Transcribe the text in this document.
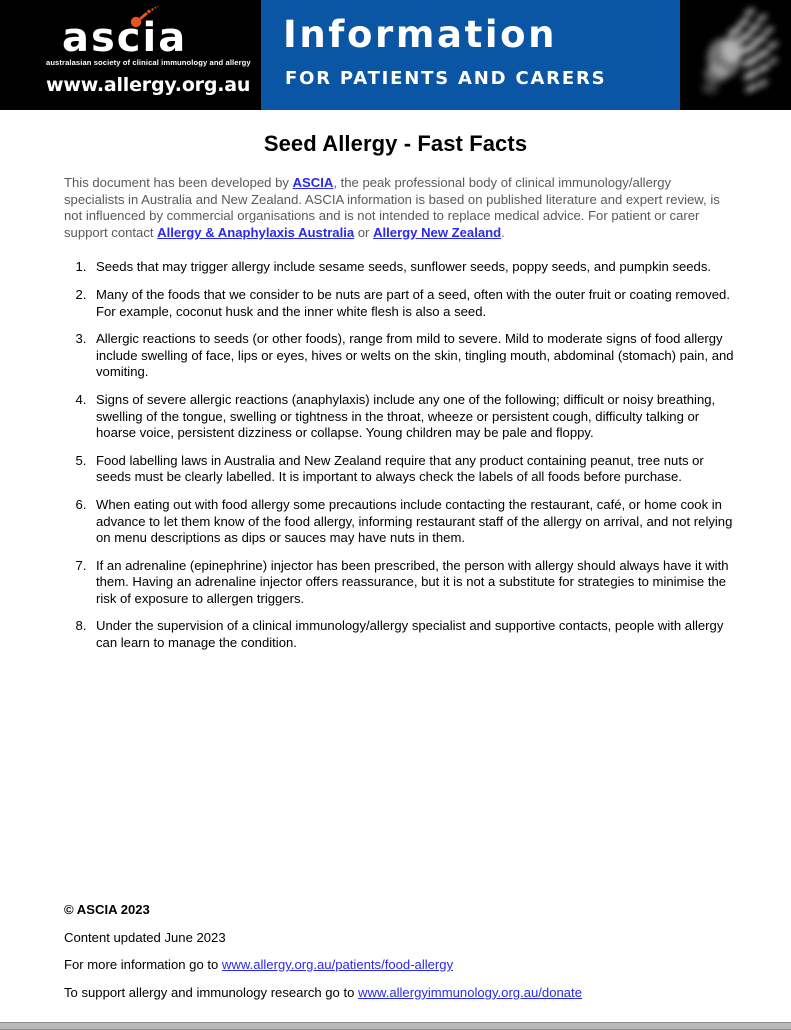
ascia
australasian society of clinical immunology and allergy
www.allergy.org.au
Information
FOR PATIENTS AND CARERS
Seed Allergy - Fast Facts

This document has been developed by ASCIA, the peak professional body of clinical immunology/allergy specialists in Australia and New Zealand. ASCIA information is based on published literature and expert review, is not influenced by commercial organisations and is not intended to replace medical advice. For patient or carer support contact Allergy & Anaphylaxis Australia or Allergy New Zealand.

1. Seeds that may trigger allergy include sesame seeds, sunflower seeds, poppy seeds, and pumpkin seeds.
2. Many of the foods that we consider to be nuts are part of a seed, often with the outer fruit or coating removed. For example, coconut husk and the inner white flesh is also a seed.
3. Allergic reactions to seeds (or other foods), range from mild to severe. Mild to moderate signs of food allergy include swelling of face, lips or eyes, hives or welts on the skin, tingling mouth, abdominal (stomach) pain, and vomiting.
4. Signs of severe allergic reactions (anaphylaxis) include any one of the following; difficult or noisy breathing, swelling of the tongue, swelling or tightness in the throat, wheeze or persistent cough, difficulty talking or hoarse voice, persistent dizziness or collapse. Young children may be pale and floppy.
5. Food labelling laws in Australia and New Zealand require that any product containing peanut, tree nuts or seeds must be clearly labelled. It is important to always check the labels of all foods before purchase.
6. When eating out with food allergy some precautions include contacting the restaurant, café, or home cook in advance to let them know of the food allergy, informing restaurant staff of the allergy on arrival, and not relying on menu descriptions as dips or sauces may have nuts in them.
7. If an adrenaline (epinephrine) injector has been prescribed, the person with allergy should always have it with them. Having an adrenaline injector offers reassurance, but it is not a substitute for strategies to minimise the risk of exposure to allergen triggers.
8. Under the supervision of a clinical immunology/allergy specialist and supportive contacts, people with allergy can learn to manage the condition.
© ASCIA 2023
Content updated June 2023
For more information go to www.allergy.org.au/patients/food-allergy
To support allergy and immunology research go to www.allergyimmunology.org.au/donate
